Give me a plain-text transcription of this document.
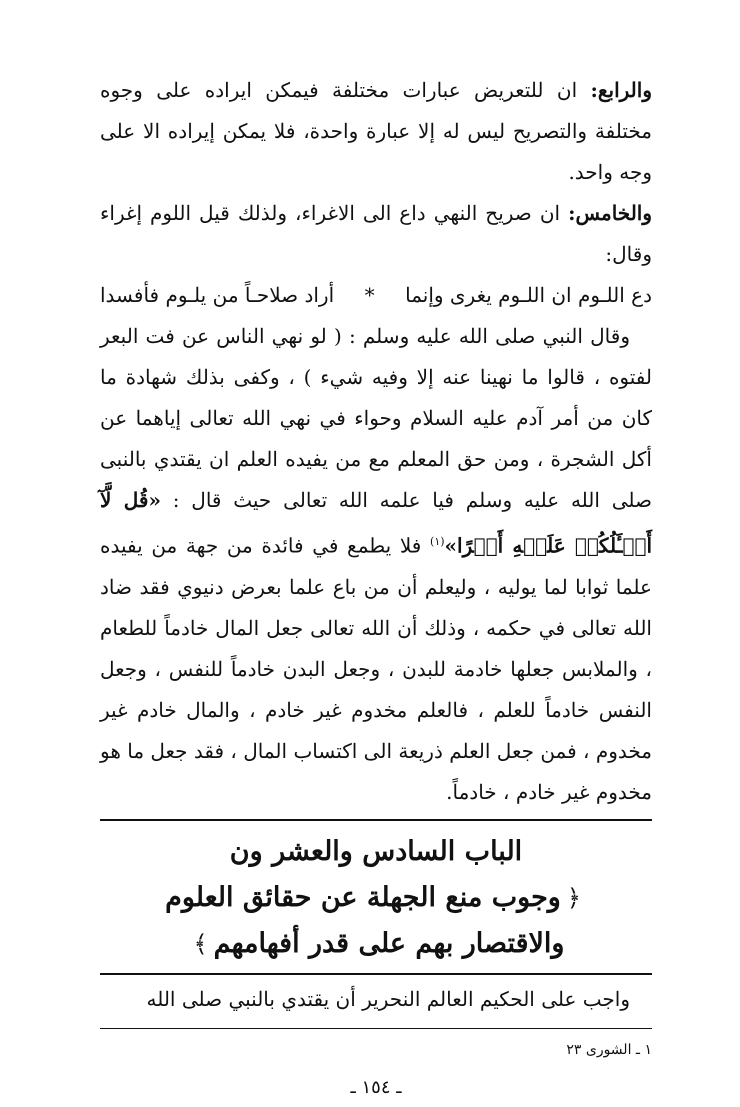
والرابع: ان للتعريض عبارات مختلفة فيمكن ايراده على وجوه مختلفة والتصريح ليس له إلا عبارة واحدة، فلا يمكن إيراده الا على وجه واحد.

والخامس: ان صريح النهي داع الى الاغراء، ولذلك قيل اللوم إغراء وقال:

دع اللـوم ان اللـوم يغرى وإنما
*
أراد صلاحـاً من يلـوم فأفسدا

وقال النبي صلى الله عليه وسلم : ( لو نهي الناس عن فت البعر لفتوه ، قالوا ما نهينا عنه إلا وفيه شيء ) ، وكفى بذلك شهادة ما كان من أمر آدم عليه السلام وحواء في نهي الله تعالى إياهما عن أكل الشجرة ، ومن حق المعلم مع من يفيده العلم ان يقتدي بالنبى صلى الله عليه وسلم فيا علمه الله تعالى حيث قال : «قُل لَّآ أَسۡـَٔلُكُمۡ عَلَيۡهِ أَجۡرًا»$^{(١)}$ فلا يطمع في فائدة من جهة من يفيده علما ثوابا لما يوليه ، وليعلم أن من باع علما بعرض دنيوي فقد ضاد الله تعالى في حكمه ، وذلك أن الله تعالى جعل المال خادماً للطعام ، والملابس جعلها خادمة للبدن ، وجعل البدن خادماً للنفس ، وجعل النفس خادماً للعلم ، فالعلم مخدوم غير خادم ، والمال خادم غير مخدوم ، فمن جعل العلم ذريعة الى اكتساب المال ، فقد جعل ما هو مخدوم غير خادم ، خادماً.

الباب السادس والعشر ون
﴿وجوب منع الجهلة عن حقائق العلوم
والاقتصار بهم على قدر أفهامهم﴾

واجب على الحكيم العالم النحرير أن يقتدي بالنبي صلى الله

١ ـ الشورى ٢٣
ـ ١٥٤ ـ
